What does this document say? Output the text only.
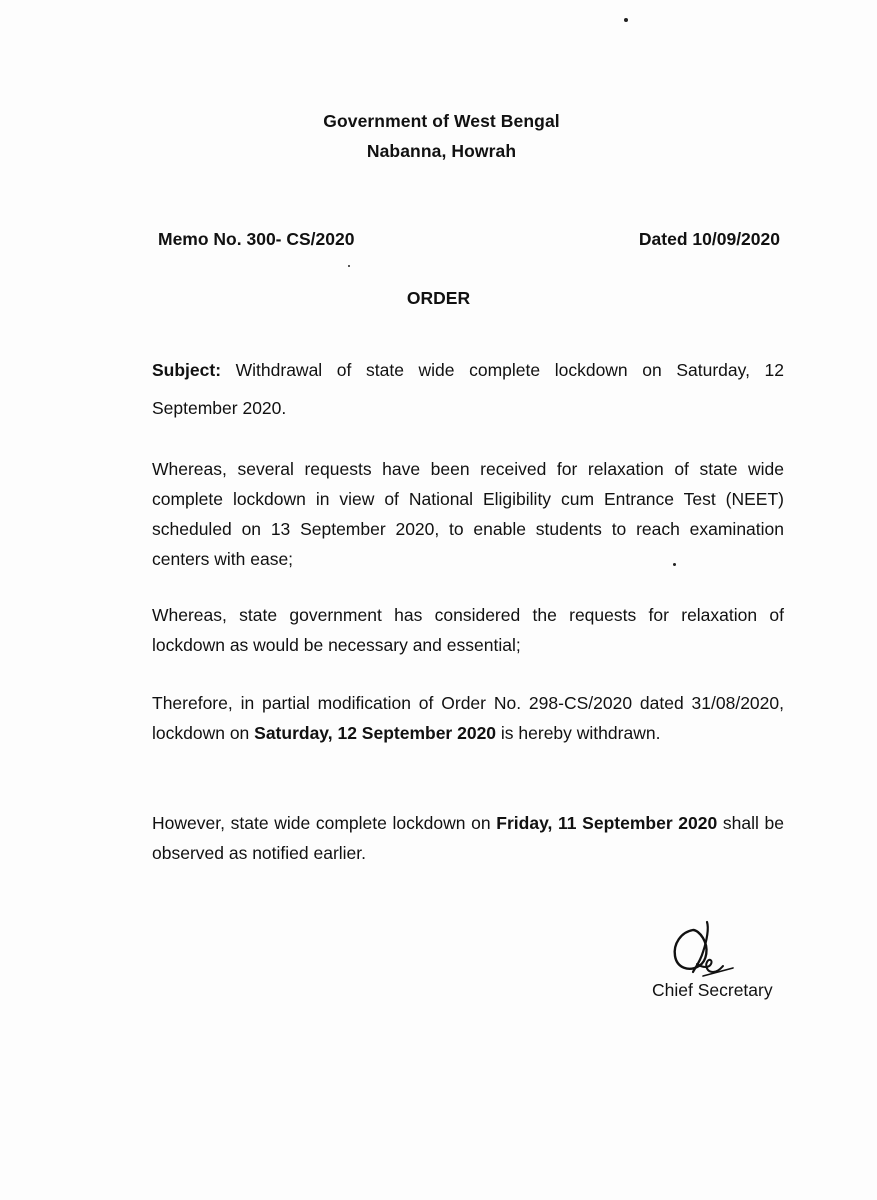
Government of West Bengal
Nabanna, Howrah
Memo No. 300- CS/2020	Dated 10/09/2020
ORDER
Subject: Withdrawal of state wide complete lockdown on Saturday, 12 September 2020.
Whereas, several requests have been received for relaxation of state wide complete lockdown in view of National Eligibility cum Entrance Test (NEET) scheduled on 13 September 2020, to enable students to reach examination centers with ease;
Whereas, state government has considered the requests for relaxation of lockdown as would be necessary and essential;
Therefore, in partial modification of Order No. 298-CS/2020 dated 31/08/2020, lockdown on Saturday, 12 September 2020 is hereby withdrawn.
However, state wide complete lockdown on Friday, 11 September 2020 shall be observed as notified earlier.
Chief Secretary
